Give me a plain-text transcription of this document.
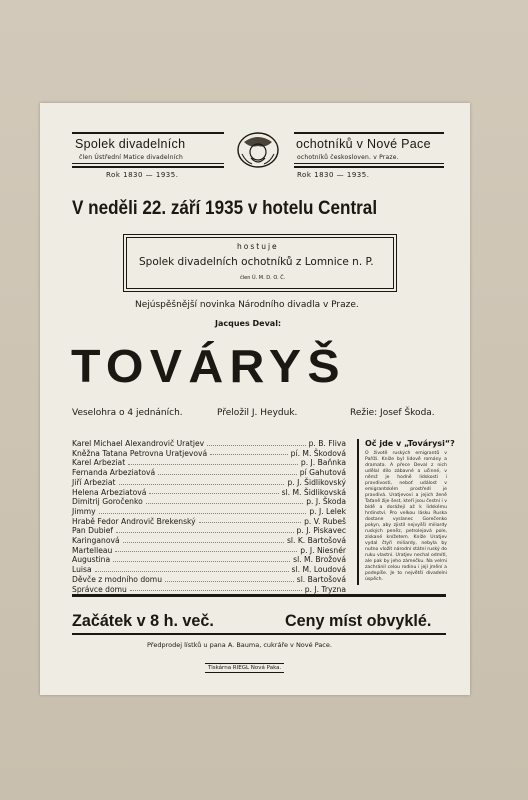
Spolek divadelních
člen Ústřední Matice divadelních
Rok 1830 — 1935.
ochotníků v Nové Pace
ochotníků českosloven. v Praze.
Rok 1830 — 1935.
V neděli 22. září 1935 v hotelu Central
hostuje
Spolek divadelních ochotníků z Lomnice n. P.
člen Ú. M. D. O. Č.
Nejúspěšnější novinka Národního divadla v Praze.
Jacques Deval:
TOVÁRYŠ
Veselohra o 4 jednáních.	Přeložil J. Heyduk.	Režie: Josef Škoda.
Karel Michael Alexandrovič Uratjev	p. B. Fliva
Kněžna Tatana Petrovna Uratjevová	pí. M. Škodová
Karel Arbeziat	p. J. Baňnka
Fernanda Arbeziatová	pí Gahutová
Jiří Arbeziat	p. J. Šidlikovský
Helena Arbeziatová	sl. M. Šidlikovská
Dimitrij Goročenko	p. J. Škoda
Jimmy	p. J. Lelek
Hrabě Fedor Androvič Brekenský	p. V. Rubeš
Pan Dubief	p. J. Piskavec
Karinganová	sl. K. Bartošová
Martelleau	p. J. Niesnér
Augustina	sl. M. Brožová
Luisa	sl. M. Loudová
Děvče z modního domu	sl. Bartošová
Správce domu	p. J. Tryzna
Oč jde v „Továrysi“?
O životě ruských emigrantů v Paříži. Kníže byl lidově romány a dramata. A přece Deval z nich udělal dílo zábavné a učinné, v němž je hodně lidskosti i pravdivosti, neboť událost v emigrantském prostředí je pravdivá. Uratjevovi a jejich ženě Taťaně žije šest, kteří jsou čestní i v bídě a dorážejí až k lidskému hrdinství. Pro velkou lásku Ruska dostane vyslanec Gorečenko pokyn, aby zjistil nejvyšší miliardy ruských peněz, petrolejová pole, získané knížetem. Kníže Uratjev vydal čtyři miliardy, nebyla by nutno vložit národní státní ruský do ruku vlastní. Uratjev nechal odmítl, ale pak by jeho zámečku. Na velmi zachránil celou rodinu i její jmění a podepíše. Je to největší divadelní úspěch.
Začátek v 8 h. več.	Ceny míst obvyklé.
Předprodej lístků u pana A. Bauma, cukráře v Nové Pace.
Tiskárna RIEGL Nová Paka.
